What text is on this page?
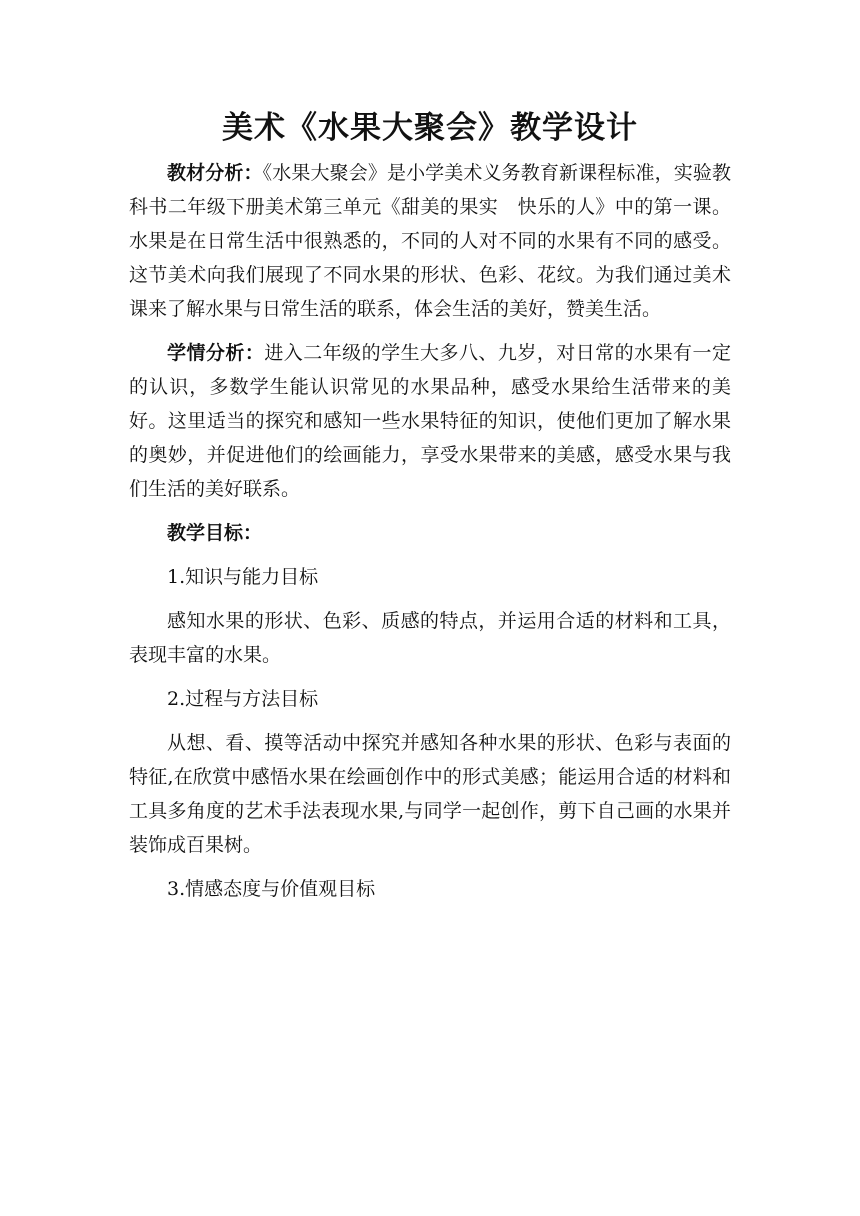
美术《水果大聚会》教学设计

教材分析：《水果大聚会》是小学美术义务教育新课程标准，实验教科书二年级下册美术第三单元《甜美的果实　快乐的人》中的第一课。水果是在日常生活中很熟悉的，不同的人对不同的水果有不同的感受。这节美术向我们展现了不同水果的形状、色彩、花纹。为我们通过美术课来了解水果与日常生活的联系，体会生活的美好，赞美生活。

学情分析：进入二年级的学生大多八、九岁，对日常的水果有一定的认识，多数学生能认识常见的水果品种，感受水果给生活带来的美好。这里适当的探究和感知一些水果特征的知识，使他们更加了解水果的奥妙，并促进他们的绘画能力，享受水果带来的美感，感受水果与我们生活的美好联系。

教学目标：

1.知识与能力目标

感知水果的形状、色彩、质感的特点，并运用合适的材料和工具，表现丰富的水果。

2.过程与方法目标

从想、看、摸等活动中探究并感知各种水果的形状、色彩与表面的特征,在欣赏中感悟水果在绘画创作中的形式美感；能运用合适的材料和工具多角度的艺术手法表现水果,与同学一起创作，剪下自己画的水果并装饰成百果树。

3.情感态度与价值观目标
